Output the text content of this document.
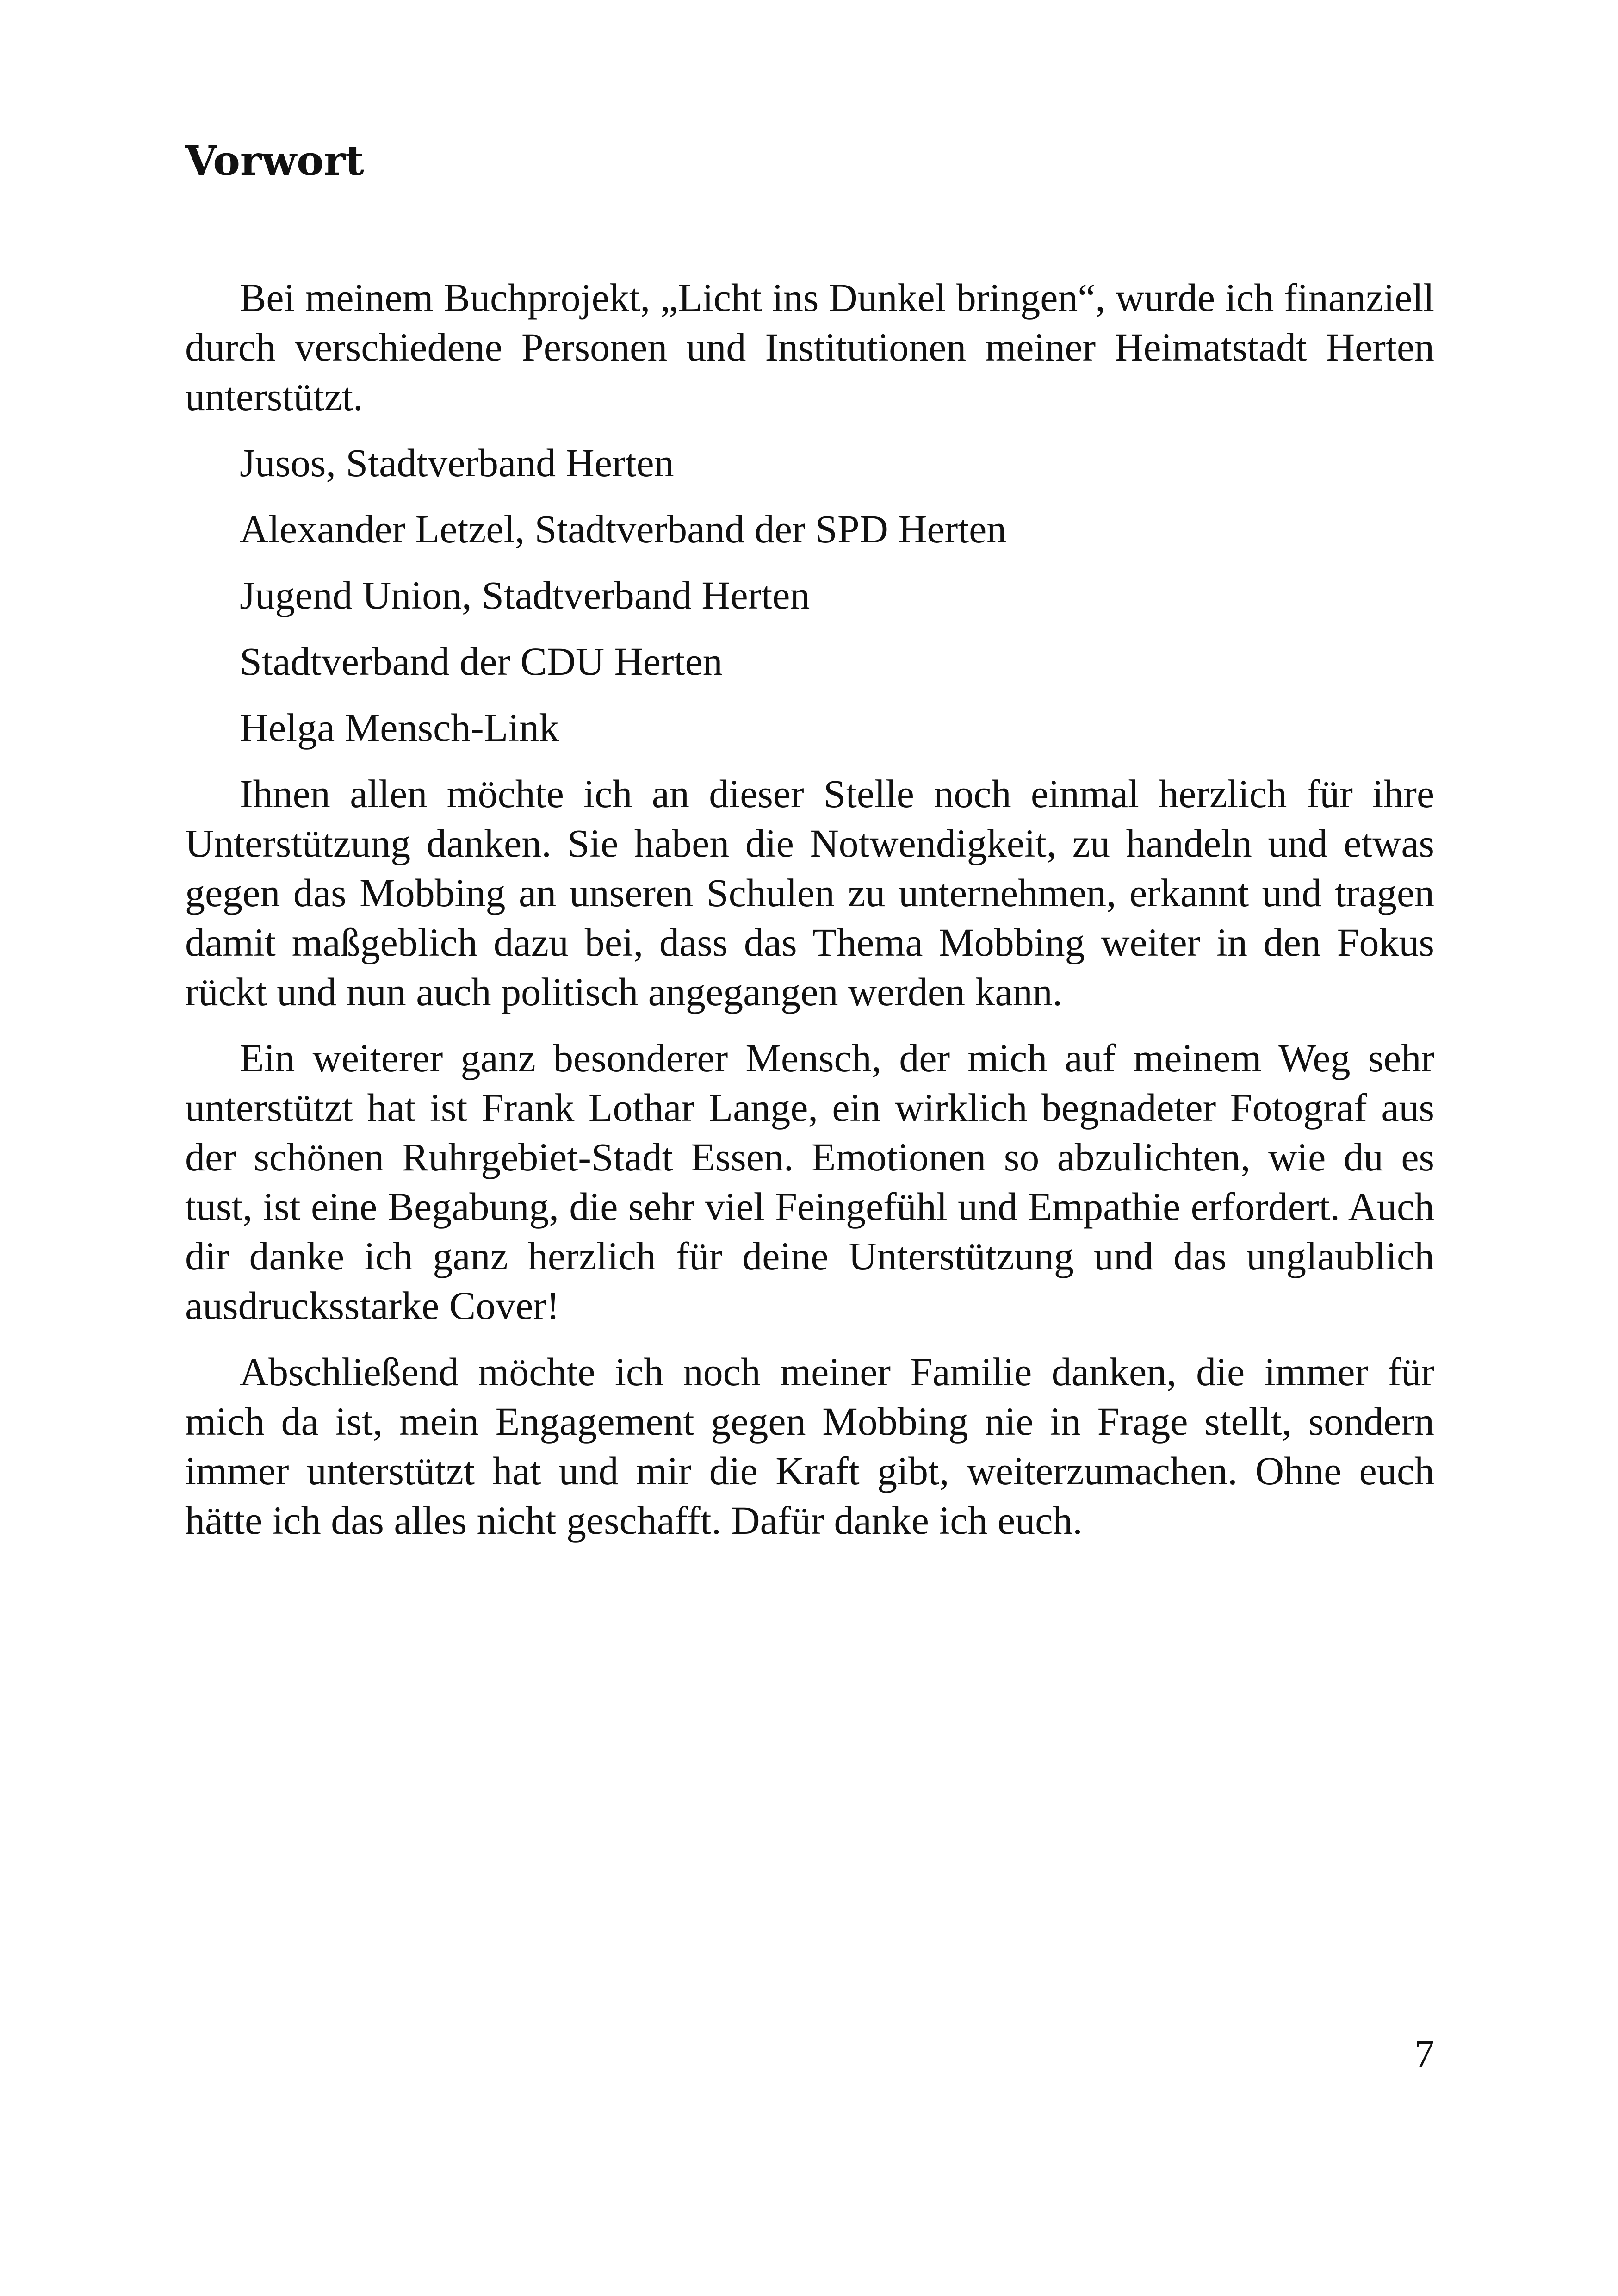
Vorwort

Bei meinem Buchprojekt, „Licht ins Dunkel bringen“, wurde ich finanziell durch verschiedene Personen und Institutionen meiner Heimatstadt Herten unterstützt.

Jusos, Stadtverband Herten
Alexander Letzel, Stadtverband der SPD Herten
Jugend Union, Stadtverband Herten
Stadtverband der CDU Herten
Helga Mensch-Link

Ihnen allen möchte ich an dieser Stelle noch einmal herzlich für ihre Unterstützung danken. Sie haben die Notwendigkeit, zu handeln und etwas gegen das Mobbing an unseren Schulen zu unternehmen, erkannt und tragen damit maßgeblich dazu bei, dass das Thema Mobbing weiter in den Fokus rückt und nun auch politisch angegangen werden kann.

Ein weiterer ganz besonderer Mensch, der mich auf meinem Weg sehr unterstützt hat ist Frank Lothar Lange, ein wirklich begnadeter Fotograf aus der schönen Ruhrgebiet-Stadt Essen. Emotionen so abzulichten, wie du es tust, ist eine Begabung, die sehr viel Feingefühl und Empathie erfordert. Auch dir danke ich ganz herzlich für deine Unterstützung und das unglaublich ausdrucksstarke Cover!

Abschließend möchte ich noch meiner Familie danken, die immer für mich da ist, mein Engagement gegen Mobbing nie in Frage stellt, sondern immer unterstützt hat und mir die Kraft gibt, weiterzumachen. Ohne euch hätte ich das alles nicht geschafft. Dafür danke ich euch.

7
